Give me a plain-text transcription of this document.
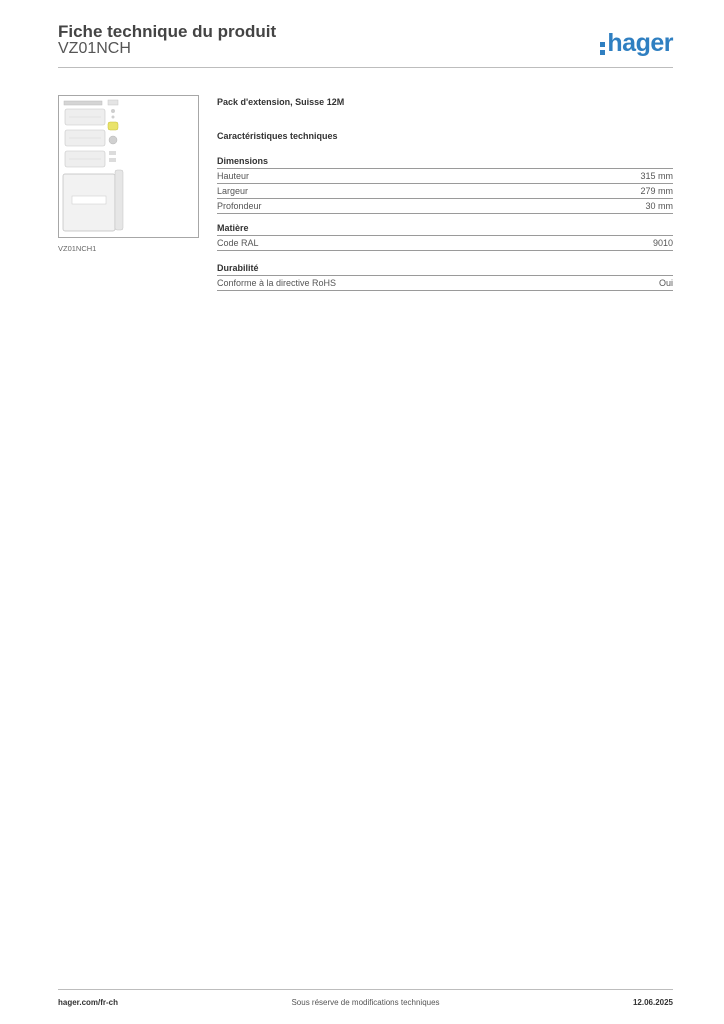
Fiche technique du produit
VZ01NCH	hager
VZ01NCH1
Pack d'extension, Suisse 12M
Caractéristiques techniques
Dimensions
Hauteur	315 mm
Largeur	279 mm
Profondeur	30 mm
Matière
Code RAL	9010
Durabilité
Conforme à la directive RoHS	Oui
hager.com/fr-ch	Sous réserve de modifications techniques	12.06.2025
